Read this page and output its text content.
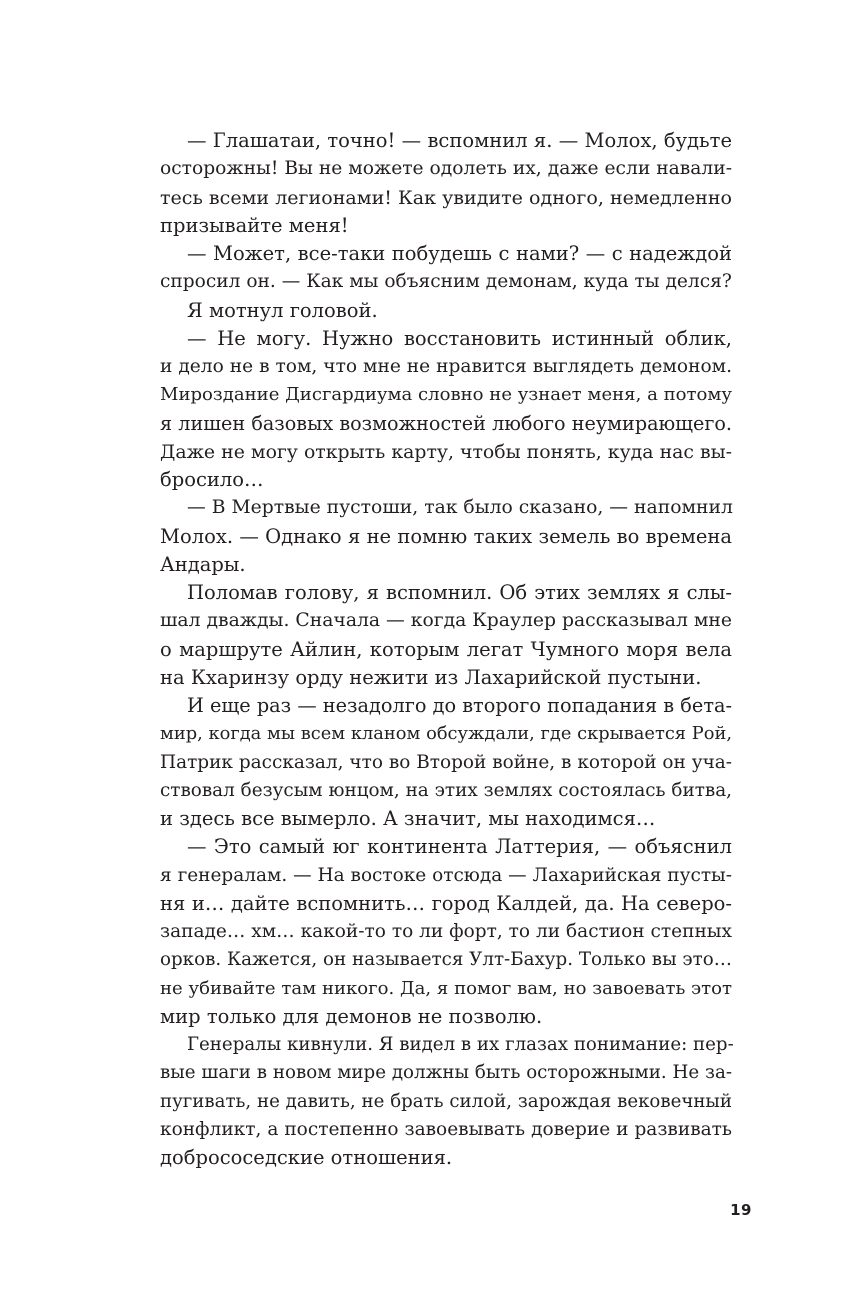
— Глашатаи, точно! — вспомнил я. — Молох, будьте
осторожны! Вы не можете одолеть их, даже если навали-
тесь всеми легионами! Как увидите одного, немедленно
призывайте меня!
— Может, все-таки побудешь с нами? — с надеждой
спросил он. — Как мы объясним демонам, куда ты делся?
Я мотнул головой.
— Не могу. Нужно восстановить истинный облик,
и дело не в том, что мне не нравится выглядеть демоном.
Мироздание Дисгардиума словно не узнает меня, а потому
я лишен базовых возможностей любого неумирающего.
Даже не могу открыть карту, чтобы понять, куда нас вы-
бросило…
— В Мертвые пустоши, так было сказано, — напомнил
Молох. — Однако я не помню таких земель во времена
Андары.
Поломав голову, я вспомнил. Об этих землях я слы-
шал дважды. Сначала — когда Краулер рассказывал мне
о маршруте Айлин, которым легат Чумного моря вела
на Кхаринзу орду нежити из Лахарийской пустыни.
И еще раз — незадолго до второго попадания в бета-
мир, когда мы всем кланом обсуждали, где скрывается Рой,
Патрик рассказал, что во Второй войне, в которой он уча-
ствовал безусым юнцом, на этих землях состоялась битва,
и здесь все вымерло. А значит, мы находимся…
— Это самый юг континента Латтерия, — объяснил
я генералам. — На востоке отсюда — Лахарийская пусты-
ня и… дайте вспомнить… город Калдей, да. На северо-
западе… хм… какой-то то ли форт, то ли бастион степных
орков. Кажется, он называется Улт-Бахур. Только вы это…
не убивайте там никого. Да, я помог вам, но завоевать этот
мир только для демонов не позволю.
Генералы кивнули. Я видел в их глазах понимание: пер-
вые шаги в новом мире должны быть осторожными. Не за-
пугивать, не давить, не брать силой, зарождая вековечный
конфликт, а постепенно завоевывать доверие и развивать
добрососедские отношения.
19
